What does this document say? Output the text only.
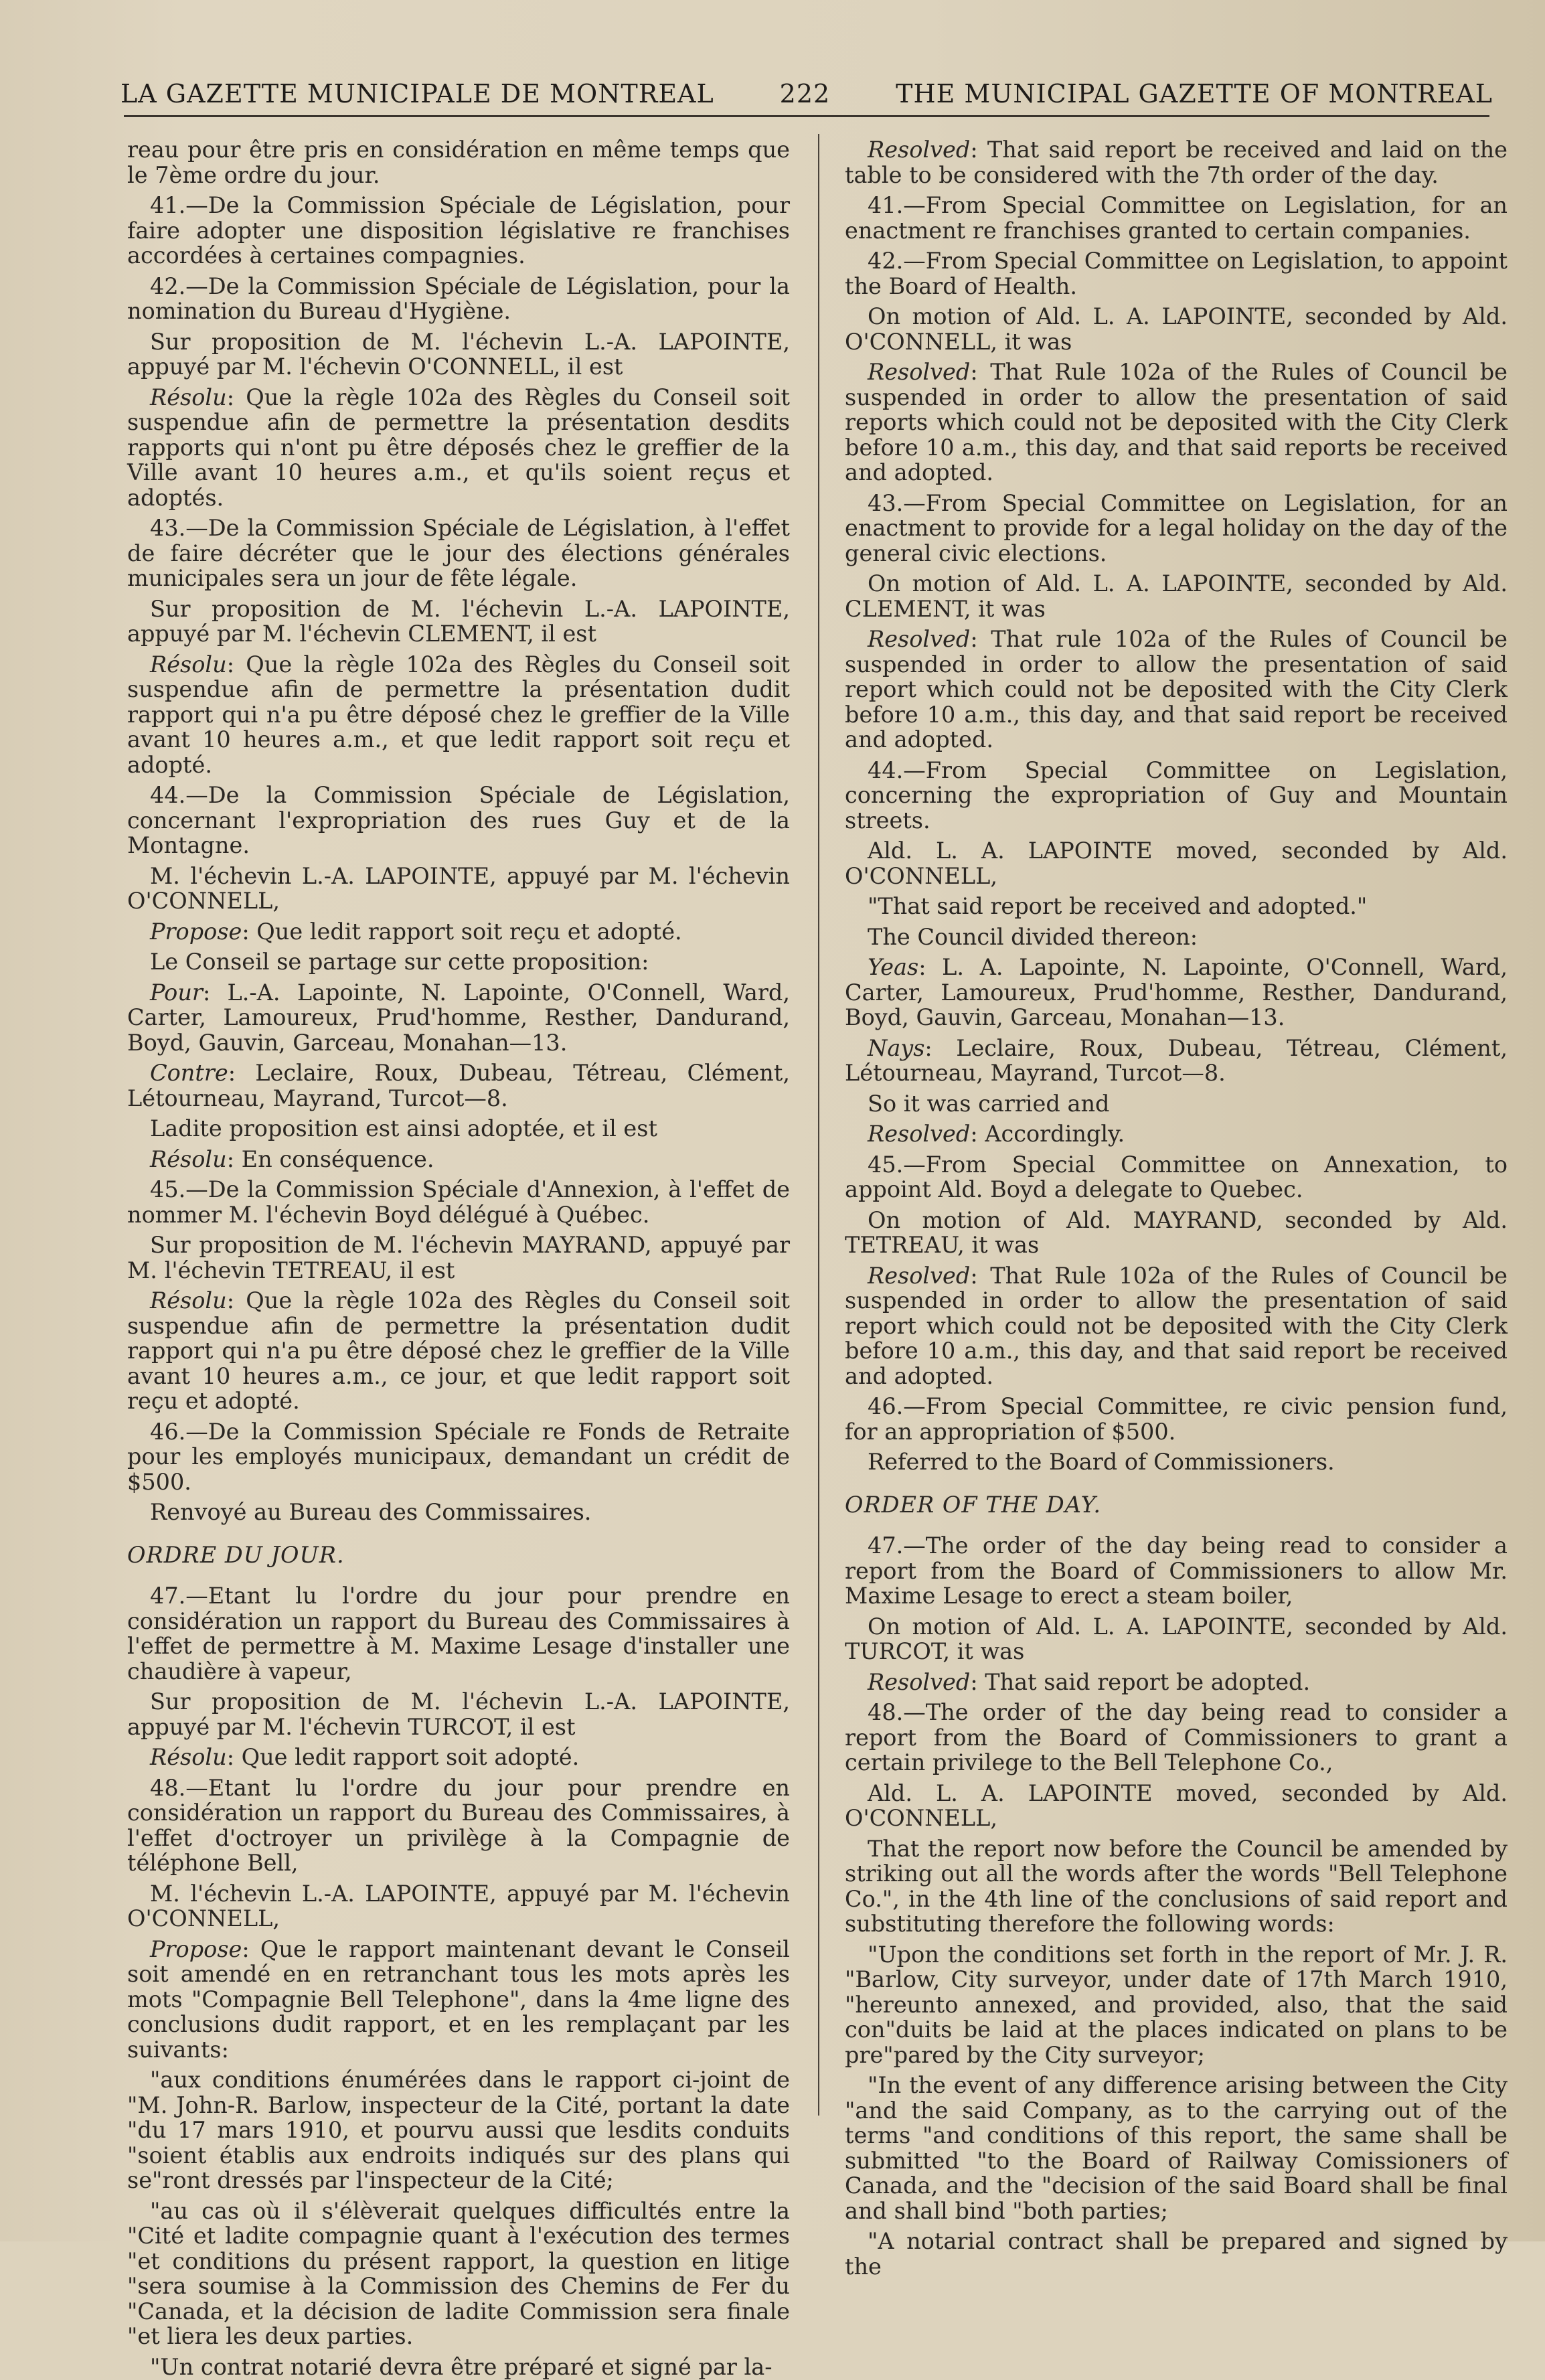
LA GAZETTE MUNICIPALE DE MONTREAL	222	THE MUNICIPAL GAZETTE OF MONTREAL

reau pour être pris en considération en même temps que le 7ème ordre du jour.

41.—De la Commission Spéciale de Législation, pour faire adopter une disposition législative re franchises accordées à certaines compagnies.

42.—De la Commission Spéciale de Législation, pour la nomination du Bureau d'Hygiène.

Sur proposition de M. l'échevin L.-A. LAPOINTE, appuyé par M. l'échevin O'CONNELL, il est

Résolu: Que la règle 102a des Règles du Conseil soit suspendue afin de permettre la présentation desdits rapports qui n'ont pu être déposés chez le greffier de la Ville avant 10 heures a.m., et qu'ils soient reçus et adoptés.

43.—De la Commission Spéciale de Législation, à l'effet de faire décréter que le jour des élections générales municipales sera un jour de fête légale.

Sur proposition de M. l'échevin L.-A. LAPOINTE, appuyé par M. l'échevin CLEMENT, il est

Résolu: Que la règle 102a des Règles du Conseil soit suspendue afin de permettre la présentation dudit rapport qui n'a pu être déposé chez le greffier de la Ville avant 10 heures a.m., et que ledit rapport soit reçu et adopté.

44.—De la Commission Spéciale de Législation, concernant l'expropriation des rues Guy et de la Montagne.

M. l'échevin L.-A. LAPOINTE, appuyé par M. l'échevin O'CONNELL,

Propose: Que ledit rapport soit reçu et adopté.

Le Conseil se partage sur cette proposition:

Pour: L.-A. Lapointe, N. Lapointe, O'Connell, Ward, Carter, Lamoureux, Prud'homme, Resther, Dandurand, Boyd, Gauvin, Garceau, Monahan—13.

Contre: Leclaire, Roux, Dubeau, Tétreau, Clément, Létourneau, Mayrand, Turcot—8.

Ladite proposition est ainsi adoptée, et il est

Résolu: En conséquence.

45.—De la Commission Spéciale d'Annexion, à l'effet de nommer M. l'échevin Boyd délégué à Québec.

Sur proposition de M. l'échevin MAYRAND, appuyé par M. l'échevin TETREAU, il est

Résolu: Que la règle 102a des Règles du Conseil soit suspendue afin de permettre la présentation dudit rapport qui n'a pu être déposé chez le greffier de la Ville avant 10 heures a.m., ce jour, et que ledit rapport soit reçu et adopté.

46.—De la Commission Spéciale re Fonds de Retraite pour les employés municipaux, demandant un crédit de $500.

Renvoyé au Bureau des Commissaires.

ORDRE DU JOUR.

47.—Etant lu l'ordre du jour pour prendre en considération un rapport du Bureau des Commissaires à l'effet de permettre à M. Maxime Lesage d'installer une chaudière à vapeur,

Sur proposition de M. l'échevin L.-A. LAPOINTE, appuyé par M. l'échevin TURCOT, il est

Résolu: Que ledit rapport soit adopté.

48.—Etant lu l'ordre du jour pour prendre en considération un rapport du Bureau des Commissaires, à l'effet d'octroyer un privilège à la Compagnie de téléphone Bell,

M. l'échevin L.-A. LAPOINTE, appuyé par M. l'échevin O'CONNELL,

Propose: Que le rapport maintenant devant le Conseil soit amendé en en retranchant tous les mots après les mots "Compagnie Bell Telephone", dans la 4me ligne des conclusions dudit rapport, et en les remplaçant par les suivants:

"aux conditions énumérées dans le rapport ci-joint de "M. John-R. Barlow, inspecteur de la Cité, portant la date "du 17 mars 1910, et pourvu aussi que lesdits conduits "soient établis aux endroits indiqués sur des plans qui se"ront dressés par l'inspecteur de la Cité;

"au cas où il s'élèverait quelques difficultés entre la "Cité et ladite compagnie quant à l'exécution des termes "et conditions du présent rapport, la question en litige "sera soumise à la Commission des Chemins de Fer du "Canada, et la décision de ladite Commission sera finale "et liera les deux parties.

"Un contrat notarié devra être préparé et signé par la-

Resolved: That said report be received and laid on the table to be considered with the 7th order of the day.

41.—From Special Committee on Legislation, for an enactment re franchises granted to certain companies.

42.—From Special Committee on Legislation, to appoint the Board of Health.

On motion of Ald. L. A. LAPOINTE, seconded by Ald. O'CONNELL, it was

Resolved: That Rule 102a of the Rules of Council be suspended in order to allow the presentation of said reports which could not be deposited with the City Clerk before 10 a.m., this day, and that said reports be received and adopted.

43.—From Special Committee on Legislation, for an enactment to provide for a legal holiday on the day of the general civic elections.

On motion of Ald. L. A. LAPOINTE, seconded by Ald. CLEMENT, it was

Resolved: That rule 102a of the Rules of Council be suspended in order to allow the presentation of said report which could not be deposited with the City Clerk before 10 a.m., this day, and that said report be received and adopted.

44.—From Special Committee on Legislation, concerning the expropriation of Guy and Mountain streets.

Ald. L. A. LAPOINTE moved, seconded by Ald. O'CONNELL,

"That said report be received and adopted."

The Council divided thereon:

Yeas: L. A. Lapointe, N. Lapointe, O'Connell, Ward, Carter, Lamoureux, Prud'homme, Resther, Dandurand, Boyd, Gauvin, Garceau, Monahan—13.

Nays: Leclaire, Roux, Dubeau, Tétreau, Clément, Létourneau, Mayrand, Turcot—8.

So it was carried and

Resolved: Accordingly.

45.—From Special Committee on Annexation, to appoint Ald. Boyd a delegate to Quebec.

On motion of Ald. MAYRAND, seconded by Ald. TETREAU, it was

Resolved: That Rule 102a of the Rules of Council be suspended in order to allow the presentation of said report which could not be deposited with the City Clerk before 10 a.m., this day, and that said report be received and adopted.

46.—From Special Committee, re civic pension fund, for an appropriation of $500.

Referred to the Board of Commissioners.

ORDER OF THE DAY.

47.—The order of the day being read to consider a report from the Board of Commissioners to allow Mr. Maxime Lesage to erect a steam boiler,

On motion of Ald. L. A. LAPOINTE, seconded by Ald. TURCOT, it was

Resolved: That said report be adopted.

48.—The order of the day being read to consider a report from the Board of Commissioners to grant a certain privilege to the Bell Telephone Co.,

Ald. L. A. LAPOINTE moved, seconded by Ald. O'CONNELL,

That the report now before the Council be amended by striking out all the words after the words "Bell Telephone Co.", in the 4th line of the conclusions of said report and substituting therefore the following words:

"Upon the conditions set forth in the report of Mr. J. R. "Barlow, City surveyor, under date of 17th March 1910, "hereunto annexed, and provided, also, that the said con"duits be laid at the places indicated on plans to be pre"pared by the City surveyor;

"In the event of any difference arising between the City "and the said Company, as to the carrying out of the terms "and conditions of this report, the same shall be submitted "to the Board of Railway Comissioners of Canada, and the "decision of the said Board shall be final and shall bind "both parties;

"A notarial contract shall be prepared and signed by the
